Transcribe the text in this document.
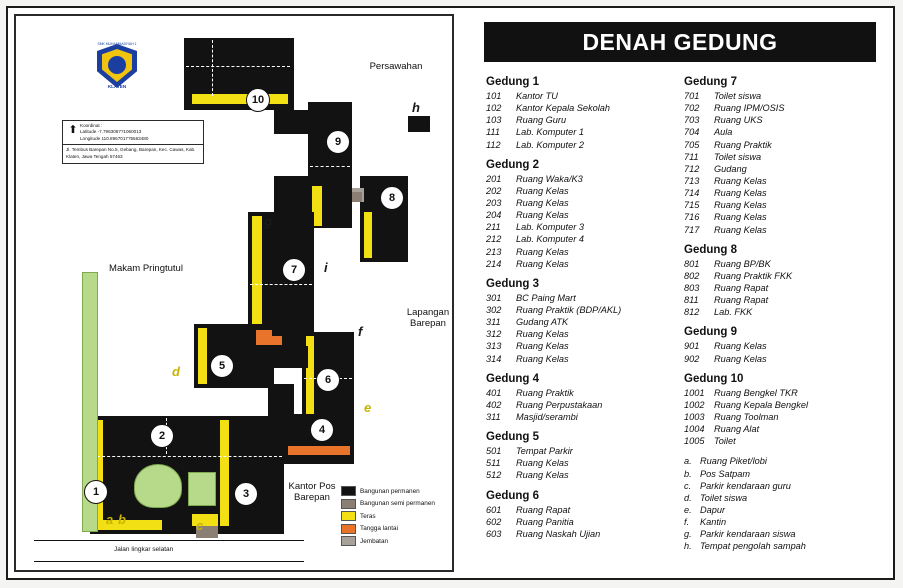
1
2
3
4
5
6
7
8
9
10
a b	c
d
e
f
g
h
i
Persawahan
Makam Pringtutul
Lapangan Barepan
Kantor Pos Barepan
SMK MUHAMMADIYAH 1
KLATEN
⬆ Koordinat :
Latitude -7.7963067?1060013
Longitude 110.8967017?5563480
Jl. Tembus Barepan No.5, Gebang, Barepan, Kec. Cawas, Kab. Klaten, Jawa Tengah 57463
Bangunan permanen
Bangunan semi permanen
Teras
Tangga lantai
Jembatan
Jalan lingkar selatan
DENAH GEDUNG
Gedung 1
101	Kantor TU
102	Kantor Kepala Sekolah
103	Ruang Guru
111	Lab. Komputer 1
112	Lab. Komputer 2
Gedung 2
201	Ruang Waka/K3
202	Ruang Kelas
203	Ruang Kelas
204	Ruang Kelas
211	Lab. Komputer 3
212	Lab. Komputer 4
213	Ruang Kelas
214	Ruang Kelas
Gedung 3
301	BC Paing Mart
302	Ruang Praktik (BDP/AKL)
311	Gudang ATK
312	Ruang Kelas
313	Ruang Kelas
314	Ruang Kelas
Gedung 4
401	Ruang Praktik
402	Ruang Perpustakaan
311	Masjid/serambi
Gedung 5
501	Tempat Parkir
511	Ruang Kelas
512	Ruang Kelas
Gedung 6
601	Ruang Rapat
602	Ruang Panitia
603	Ruang Naskah Ujian
Gedung 7
701	Toilet siswa
702	Ruang IPM/OSIS
703	Ruang UKS
704	Aula
705	Ruang Praktik
711	Toilet siswa
712	Gudang
713	Ruang Kelas
714	Ruang Kelas
715	Ruang Kelas
716	Ruang Kelas
717	Ruang Kelas
Gedung 8
801	Ruang BP/BK
802	Ruang Praktik FKK
803	Ruang Rapat
811	Ruang Rapat
812	Lab. FKK
Gedung 9
901	Ruang Kelas
902	Ruang Kelas
Gedung 10
1001	Ruang Bengkel TKR
1002	Ruang Kepala Bengkel
1003	Ruang Toolman
1004	Ruang Alat
1005	Toilet
a. Ruang Piket/lobi
b. Pos Satpam
c. Parkir kendaraan guru
d. Toilet siswa
e. Dapur
f.	Kantin
g. Parkir kendaraan siswa
h. Tempat pengolah sampah
